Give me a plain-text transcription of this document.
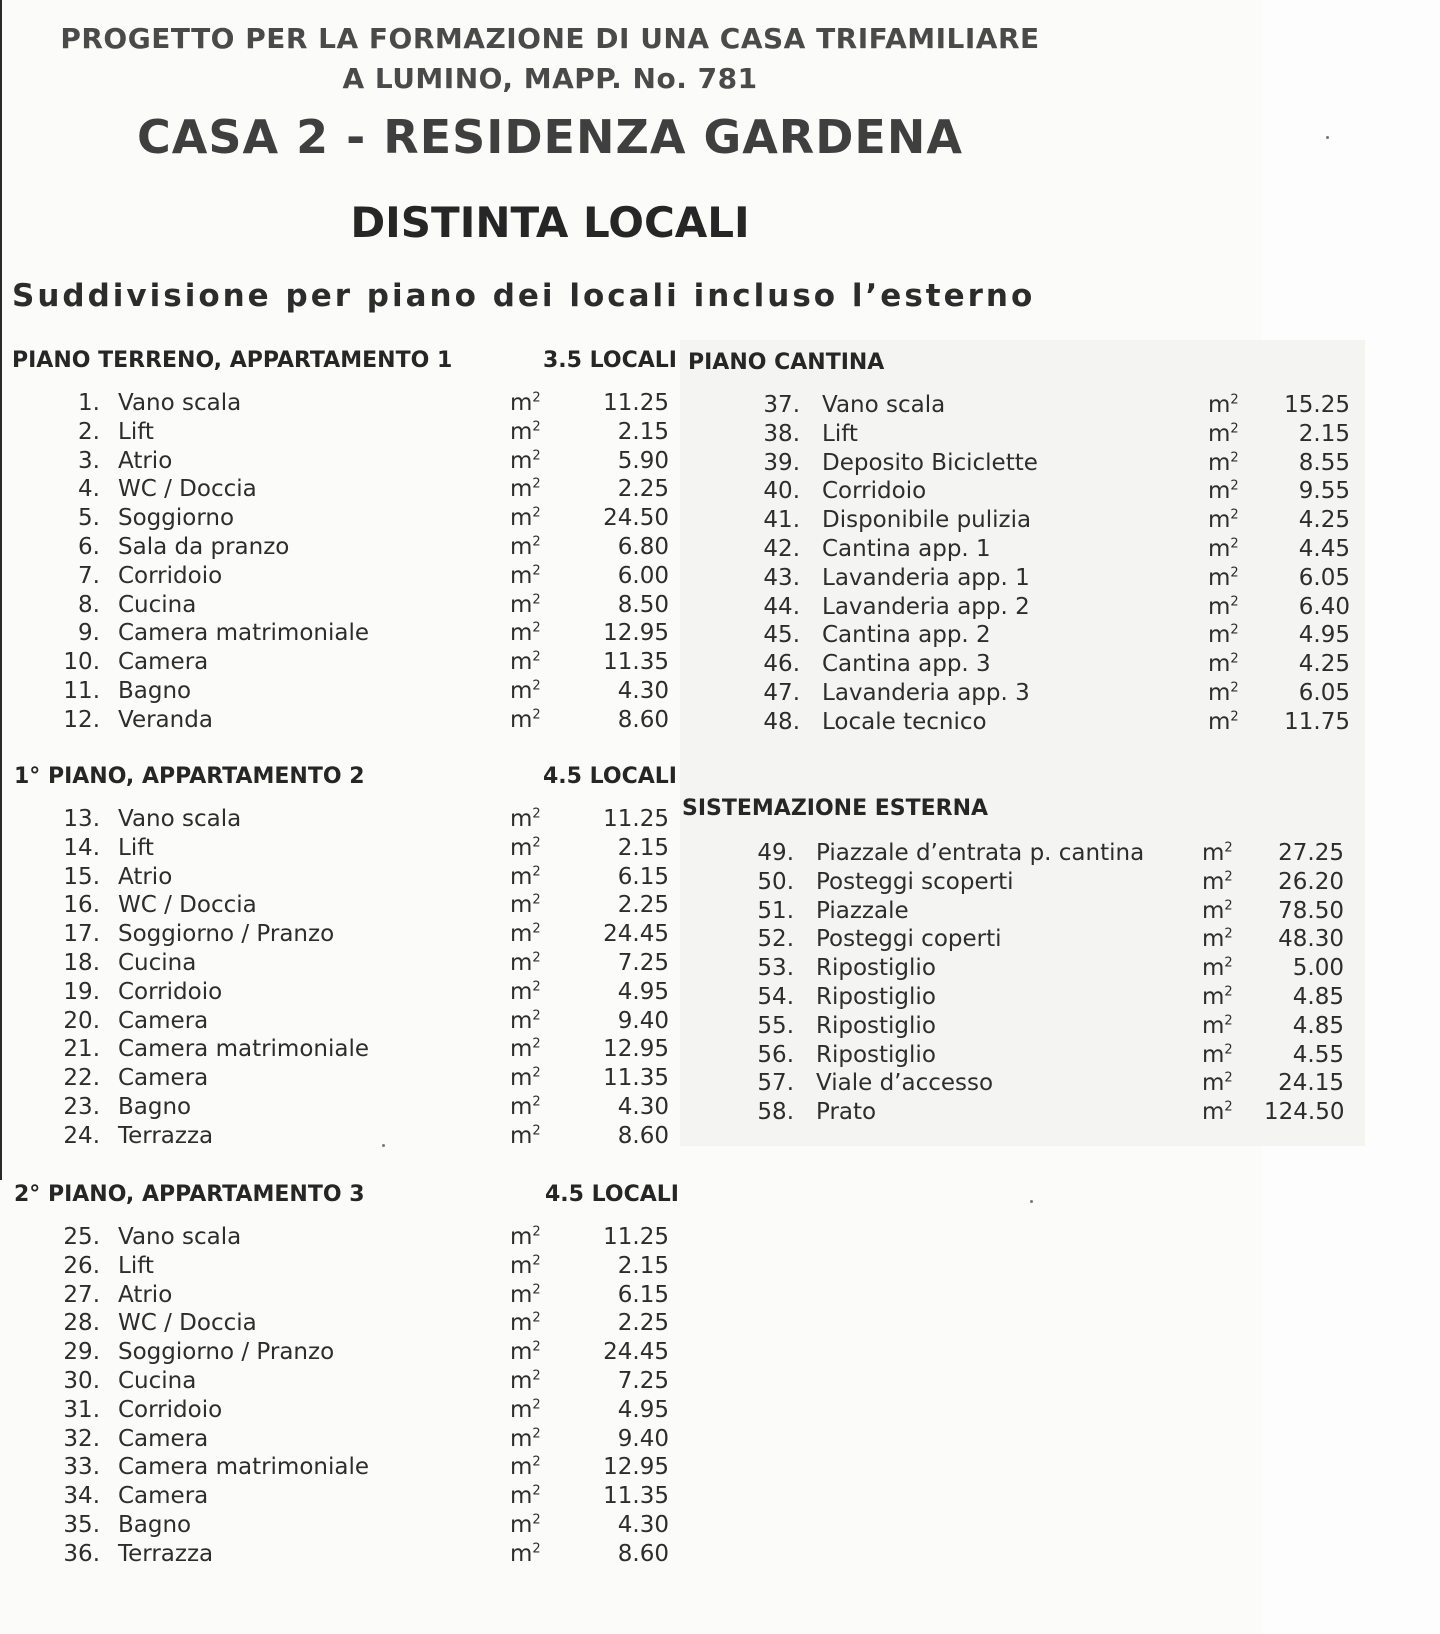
PROGETTO PER LA FORMAZIONE DI UNA CASA TRIFAMILIARE
A LUMINO, MAPP. No. 781
CASA 2 - RESIDENZA GARDENA
DISTINTA LOCALI
Suddivisione per piano dei locali incluso l’esterno
PIANO TERRENO, APPARTAMENTO 1	3.5 LOCALI
1. Vano scala	$m^2$	11.25
2. Lift	$m^2$	2.15
3. Atrio	$m^2$	5.90
4. WC / Doccia	$m^2$	2.25
5. Soggiorno	$m^2$	24.50
6. Sala da pranzo	$m^2$	6.80
7. Corridoio	$m^2$	6.00
8. Cucina	$m^2$	8.50
9. Camera matrimoniale	$m^2$	12.95
10. Camera	$m^2$	11.35
11. Bagno	$m^2$	4.30
12. Veranda	$m^2$	8.60
1° PIANO, APPARTAMENTO 2	4.5 LOCALI
13. Vano scala	$m^2$	11.25
14. Lift	$m^2$	2.15
15. Atrio	$m^2$	6.15
16. WC / Doccia	$m^2$	2.25
17. Soggiorno / Pranzo	$m^2$	24.45
18. Cucina	$m^2$	7.25
19. Corridoio	$m^2$	4.95
20. Camera	$m^2$	9.40
21. Camera matrimoniale	$m^2$	12.95
22. Camera	$m^2$	11.35
23. Bagno	$m^2$	4.30
24. Terrazza	$m^2$	8.60
2° PIANO, APPARTAMENTO 3	4.5 LOCALI
25. Vano scala	$m^2$	11.25
26. Lift	$m^2$	2.15
27. Atrio	$m^2$	6.15
28. WC / Doccia	$m^2$	2.25
29. Soggiorno / Pranzo	$m^2$	24.45
30. Cucina	$m^2$	7.25
31. Corridoio	$m^2$	4.95
32. Camera	$m^2$	9.40
33. Camera matrimoniale	$m^2$	12.95
34. Camera	$m^2$	11.35
35. Bagno	$m^2$	4.30
36. Terrazza	$m^2$	8.60
PIANO CANTINA
37. Vano scala	$m^2$	15.25
38. Lift	$m^2$	2.15
39. Deposito Biciclette	$m^2$	8.55
40. Corridoio	$m^2$	9.55
41. Disponibile pulizia	$m^2$	4.25
42. Cantina app. 1	$m^2$	4.45
43. Lavanderia app. 1	$m^2$	6.05
44. Lavanderia app. 2	$m^2$	6.40
45. Cantina app. 2	$m^2$	4.95
46. Cantina app. 3	$m^2$	4.25
47. Lavanderia app. 3	$m^2$	6.05
48. Locale tecnico	$m^2$	11.75
SISTEMAZIONE ESTERNA
49. Piazzale d’entrata p. cantina	$m^2$	27.25
50. Posteggi scoperti	$m^2$	26.20
51. Piazzale	$m^2$	78.50
52. Posteggi coperti	$m^2$	48.30
53. Ripostiglio	$m^2$	5.00
54. Ripostiglio	$m^2$	4.85
55. Ripostiglio	$m^2$	4.85
56. Ripostiglio	$m^2$	4.55
57. Viale d’accesso	$m^2$	24.15
58. Prato	$m^2$ 124.50
